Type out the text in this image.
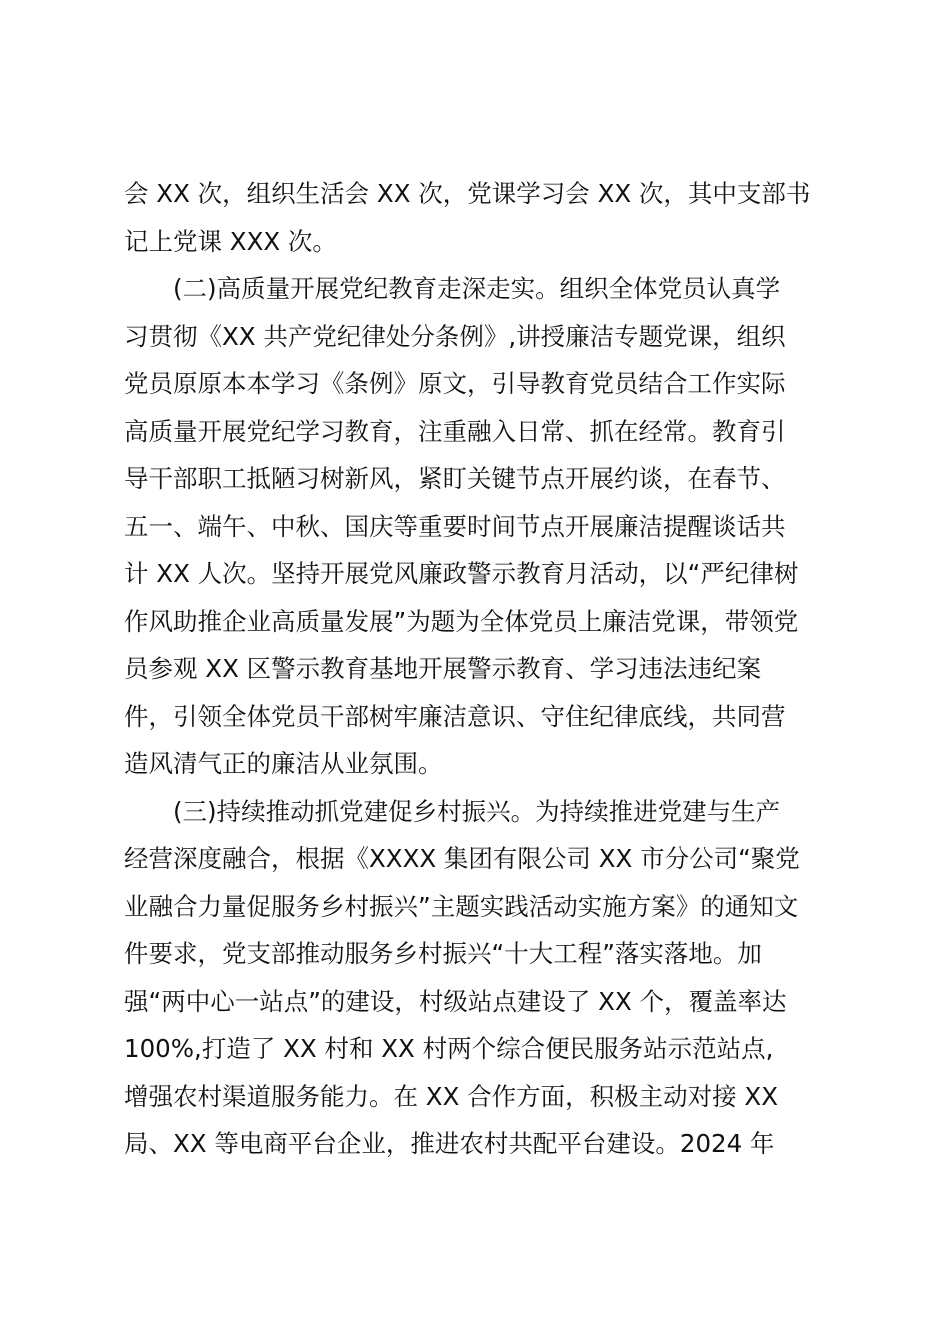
会 XX 次，组织生活会 XX 次，党课学习会 XX 次，其中支部书
记上党课 XXX 次。

(二)高质量开展党纪教育走深走实。组织全体党员认真学
习贯彻《XX 共产党纪律处分条例》,讲授廉洁专题党课，组织
党员原原本本学习《条例》原文，引导教育党员结合工作实际
高质量开展党纪学习教育，注重融入日常、抓在经常。教育引
导干部职工抵陋习树新风，紧盯关键节点开展约谈，在春节、
五一、端午、中秋、国庆等重要时间节点开展廉洁提醒谈话共
计 XX 人次。坚持开展党风廉政警示教育月活动，以“严纪律树
作风助推企业高质量发展”为题为全体党员上廉洁党课，带领党
员参观 XX 区警示教育基地开展警示教育、学习违法违纪案
件，引领全体党员干部树牢廉洁意识、守住纪律底线，共同营
造风清气正的廉洁从业氛围。

(三)持续推动抓党建促乡村振兴。为持续推进党建与生产
经营深度融合，根据《XXXX 集团有限公司 XX 市分公司“聚党
业融合力量促服务乡村振兴”主题实践活动实施方案》的通知文
件要求，党支部推动服务乡村振兴“十大工程”落实落地。加
强“两中心一站点”的建设，村级站点建设了 XX 个，覆盖率达
100%,打造了 XX 村和 XX 村两个综合便民服务站示范站点,
增强农村渠道服务能力。在 XX 合作方面，积极主动对接 XX
局、XX 等电商平台企业，推进农村共配平台建设。2024 年
